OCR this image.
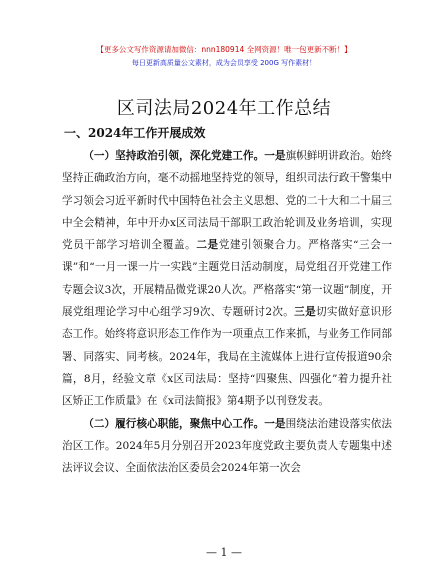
【更多公文写作资源请加微信：nnn180914 全网资源！唯一包更新不断！】
每日更新高质量公文素材，成为会员享受 200G 写作素材！
区司法局2024年工作总结
一、2024年工作开展成效

（一）坚持政治引领，深化党建工作。一是旗帜鲜明讲政治。始终坚持正确政治方向，毫不动摇地坚持党的领导，组织司法行政干警集中学习领会习近平新时代中国特色社会主义思想、党的二十大和二十届三中全会精神，年中开办x区司法局干部职工政治轮训及业务培训，实现党员干部学习培训全覆盖。二是党建引领聚合力。严格落实“三会一课”和“一月一课一片一实践”主题党日活动制度，局党组召开党建工作专题会议3次，开展精品微党课20人次。严格落实“第一议题”制度，开展党组理论学习中心组学习9次、专题研讨2次。三是切实做好意识形态工作。始终将意识形态工作作为一项重点工作来抓，与业务工作同部署、同落实、同考核。2024年，我局在主流媒体上进行宣传报道90余篇，8月，经验文章《x区司法局：坚持“四聚焦、四强化”着力提升社区矫正工作质量》在《x司法简报》第4期予以刊登发表。

（二）履行核心职能，聚焦中心工作。一是围绕法治建设落实依法治区工作。2024年5月分别召开2023年度党政主要负责人专题集中述法评议会议、全面依法治区委员会2024年第一次会

— 1 —
